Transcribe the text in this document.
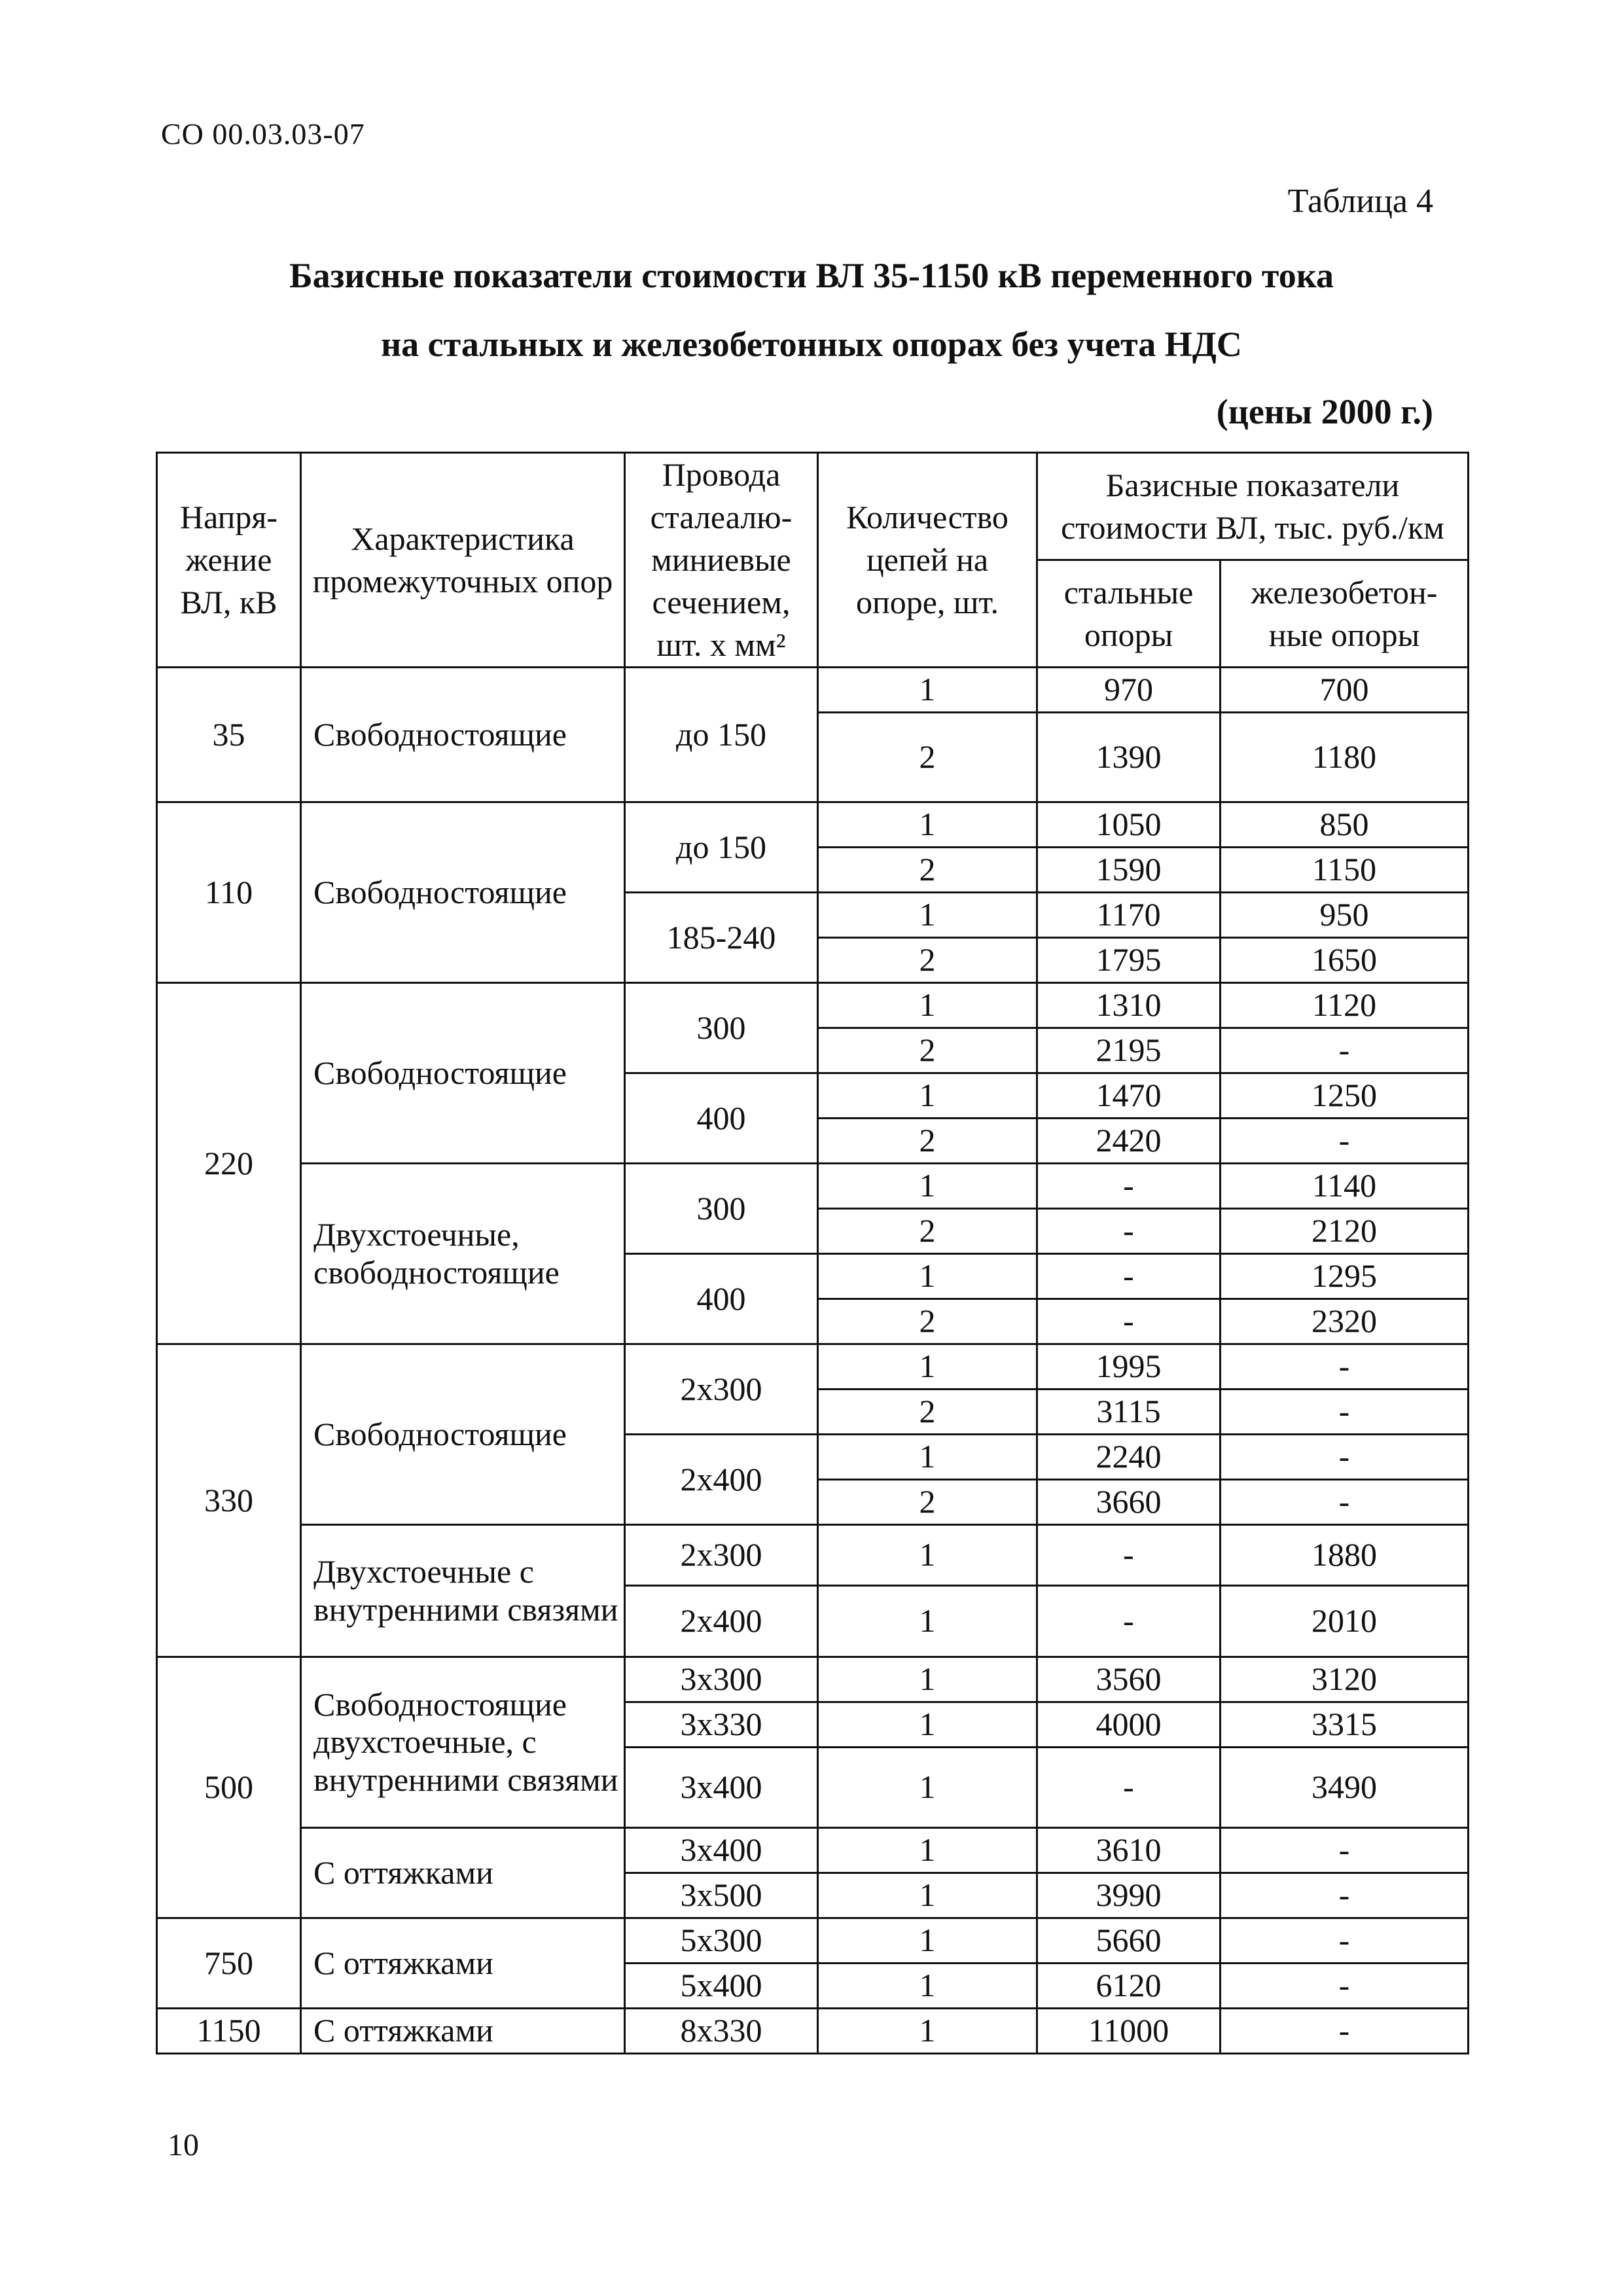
СО 00.03.03-07
Таблица 4
Базисные показатели стоимости ВЛ 35-1150 кВ переменного тока
на стальных и железобетонных опорах без учета НДС
(цены 2000 г.)
Напря-жение ВЛ, кВ	Характеристика промежуточных опор	Провода сталеалю-миниевые сечением, шт. х мм²	Количество цепей на опоре, шт.	Базисные показатели стоимости ВЛ, тыс. руб./км	
				стальные опоры	железобетон-ные опоры
35	Свободностоящие	до 150	1	970	700
			2	1390	1180
110	Свободностоящие	до 150	1	1050	850
			2	1590	1150
		185-240	1	1170	950
			2	1795	1650
220	Свободностоящие	300	1	1310	1120
			2	2195	-
		400	1	1470	1250
			2	2420	-
	Двухстоечные, свободностоящие	300	1	-	1140
			2	-	2120
		400	1	-	1295
			2	-	2320
330	Свободностоящие	2х300	1	1995	-
			2	3115	-
		2х400	1	2240	-
			2	3660	-
	Двухстоечные с внутренними связями	2х300	1	-	1880
		2х400	1	-	2010
500	Свободностоящие двухстоечные, с внутренними связями	3х300	1	3560	3120
		3х330	1	4000	3315
		3х400	1	-	3490
	С оттяжками	3х400	1	3610	-
		3х500	1	3990	-
750	С оттяжками	5х300	1	5660	-
		5х400	1	6120	-
1150	С оттяжками	8х330	1	11000	-
10
